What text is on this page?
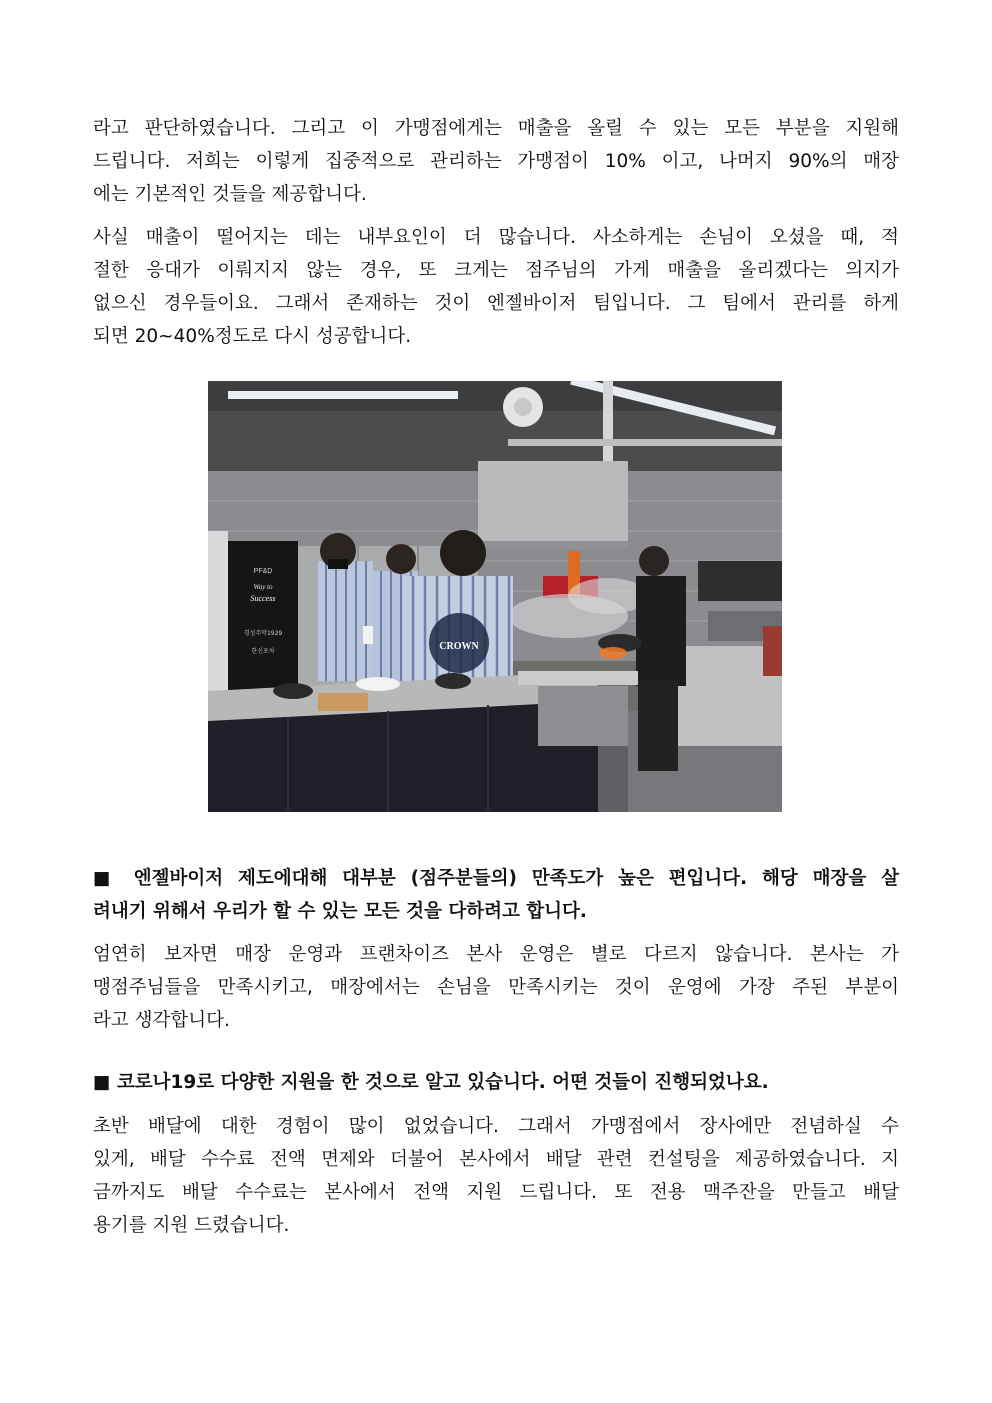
라고 판단하였습니다. 그리고 이 가맹점에게는 매출을 올릴 수 있는 모든 부분을 지원해
드립니다. 저희는 이렇게 집중적으로 관리하는 가맹점이 10% 이고, 나머지 90%의 매장
에는 기본적인 것들을 제공합니다.

사실 매출이 떨어지는 데는 내부요인이 더 많습니다. 사소하게는 손님이 오셨을 때, 적
절한 응대가 이뤄지지 않는 경우, 또 크게는 점주님의 가게 매출을 올리겠다는 의지가
없으신 경우들이요. 그래서 존재하는 것이 엔젤바이저 팀입니다. 그 팀에서 관리를 하게
되면 20~40%정도로 다시 성공합니다.

PF&D
Way to
Success
경성주막1929
한신포차	CROWN

■ 엔젤바이저 제도에대해 대부분 (점주분들의) 만족도가 높은 편입니다. 해당 매장을 살
려내기 위해서 우리가 할 수 있는 모든 것을 다하려고 합니다.

엄연히 보자면 매장 운영과 프랜차이즈 본사 운영은 별로 다르지 않습니다. 본사는 가
맹점주님들을 만족시키고, 매장에서는 손님을 만족시키는 것이 운영에 가장 주된 부분이
라고 생각합니다.

■ 코로나19로 다양한 지원을 한 것으로 알고 있습니다. 어떤 것들이 진행되었나요.

초반 배달에 대한 경험이 많이 없었습니다. 그래서 가맹점에서 장사에만 전념하실 수
있게, 배달 수수료 전액 면제와 더불어 본사에서 배달 관련 컨설팅을 제공하였습니다. 지
금까지도 배달 수수료는 본사에서 전액 지원 드립니다. 또 전용 맥주잔을 만들고 배달
용기를 지원 드렸습니다.
